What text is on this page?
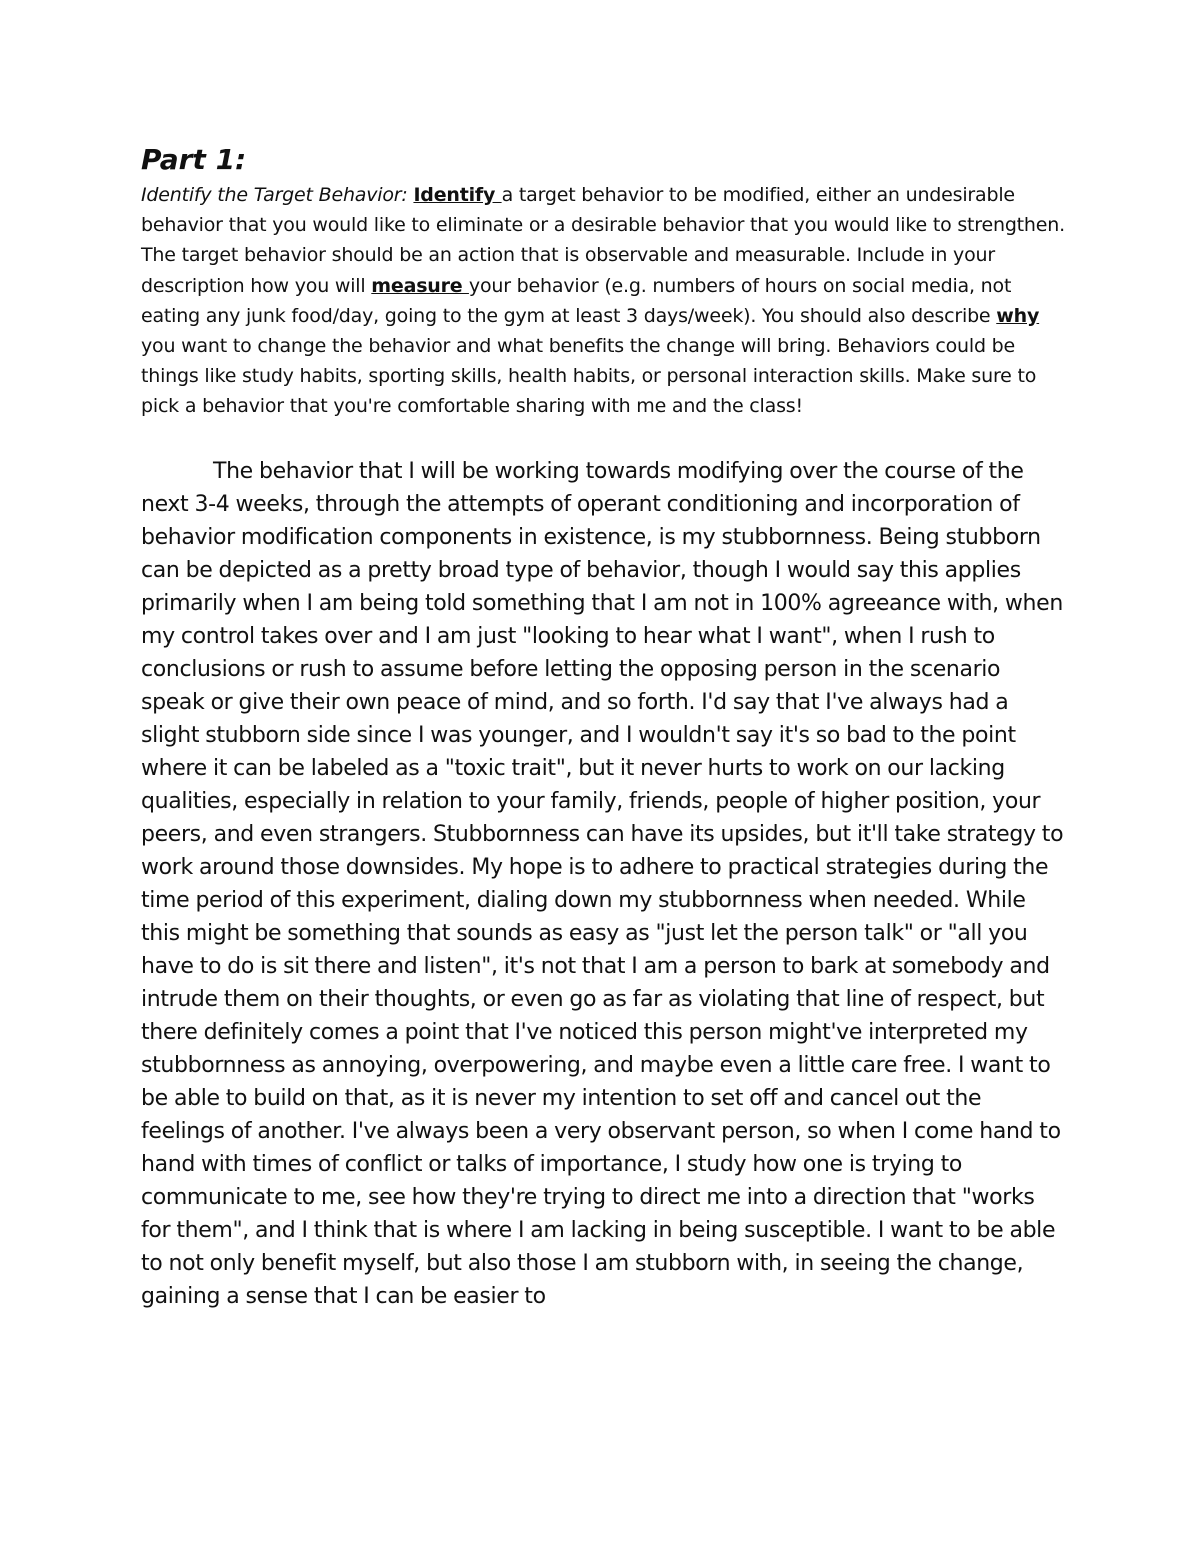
Part 1:

Identify the Target Behavior: Identify a target behavior to be modified, either an undesirable behavior that you would like to eliminate or a desirable behavior that you would like to strengthen. The target behavior should be an action that is observable and measurable. Include in your description how you will measure your behavior (e.g. numbers of hours on social media, not eating any junk food/day, going to the gym at least 3 days/week). You should also describe why you want to change the behavior and what benefits the change will bring. Behaviors could be things like study habits, sporting skills, health habits, or personal interaction skills. Make sure to pick a behavior that you're comfortable sharing with me and the class!

The behavior that I will be working towards modifying over the course of the next 3-4 weeks, through the attempts of operant conditioning and incorporation of behavior modification components in existence, is my stubbornness. Being stubborn can be depicted as a pretty broad type of behavior, though I would say this applies primarily when I am being told something that I am not in 100% agreeance with, when my control takes over and I am just "looking to hear what I want", when I rush to conclusions or rush to assume before letting the opposing person in the scenario speak or give their own peace of mind, and so forth. I'd say that I've always had a slight stubborn side since I was younger, and I wouldn't say it's so bad to the point where it can be labeled as a "toxic trait", but it never hurts to work on our lacking qualities, especially in relation to your family, friends, people of higher position, your peers, and even strangers. Stubbornness can have its upsides, but it'll take strategy to work around those downsides. My hope is to adhere to practical strategies during the time period of this experiment, dialing down my stubbornness when needed. While this might be something that sounds as easy as "just let the person talk" or "all you have to do is sit there and listen", it's not that I am a person to bark at somebody and intrude them on their thoughts, or even go as far as violating that line of respect, but there definitely comes a point that I've noticed this person might've interpreted my stubbornness as annoying, overpowering, and maybe even a little care free. I want to be able to build on that, as it is never my intention to set off and cancel out the feelings of another. I've always been a very observant person, so when I come hand to hand with times of conflict or talks of importance, I study how one is trying to communicate to me, see how they're trying to direct me into a direction that "works for them", and I think that is where I am lacking in being susceptible. I want to be able to not only benefit myself, but also those I am stubborn with, in seeing the change, gaining a sense that I can be easier to
